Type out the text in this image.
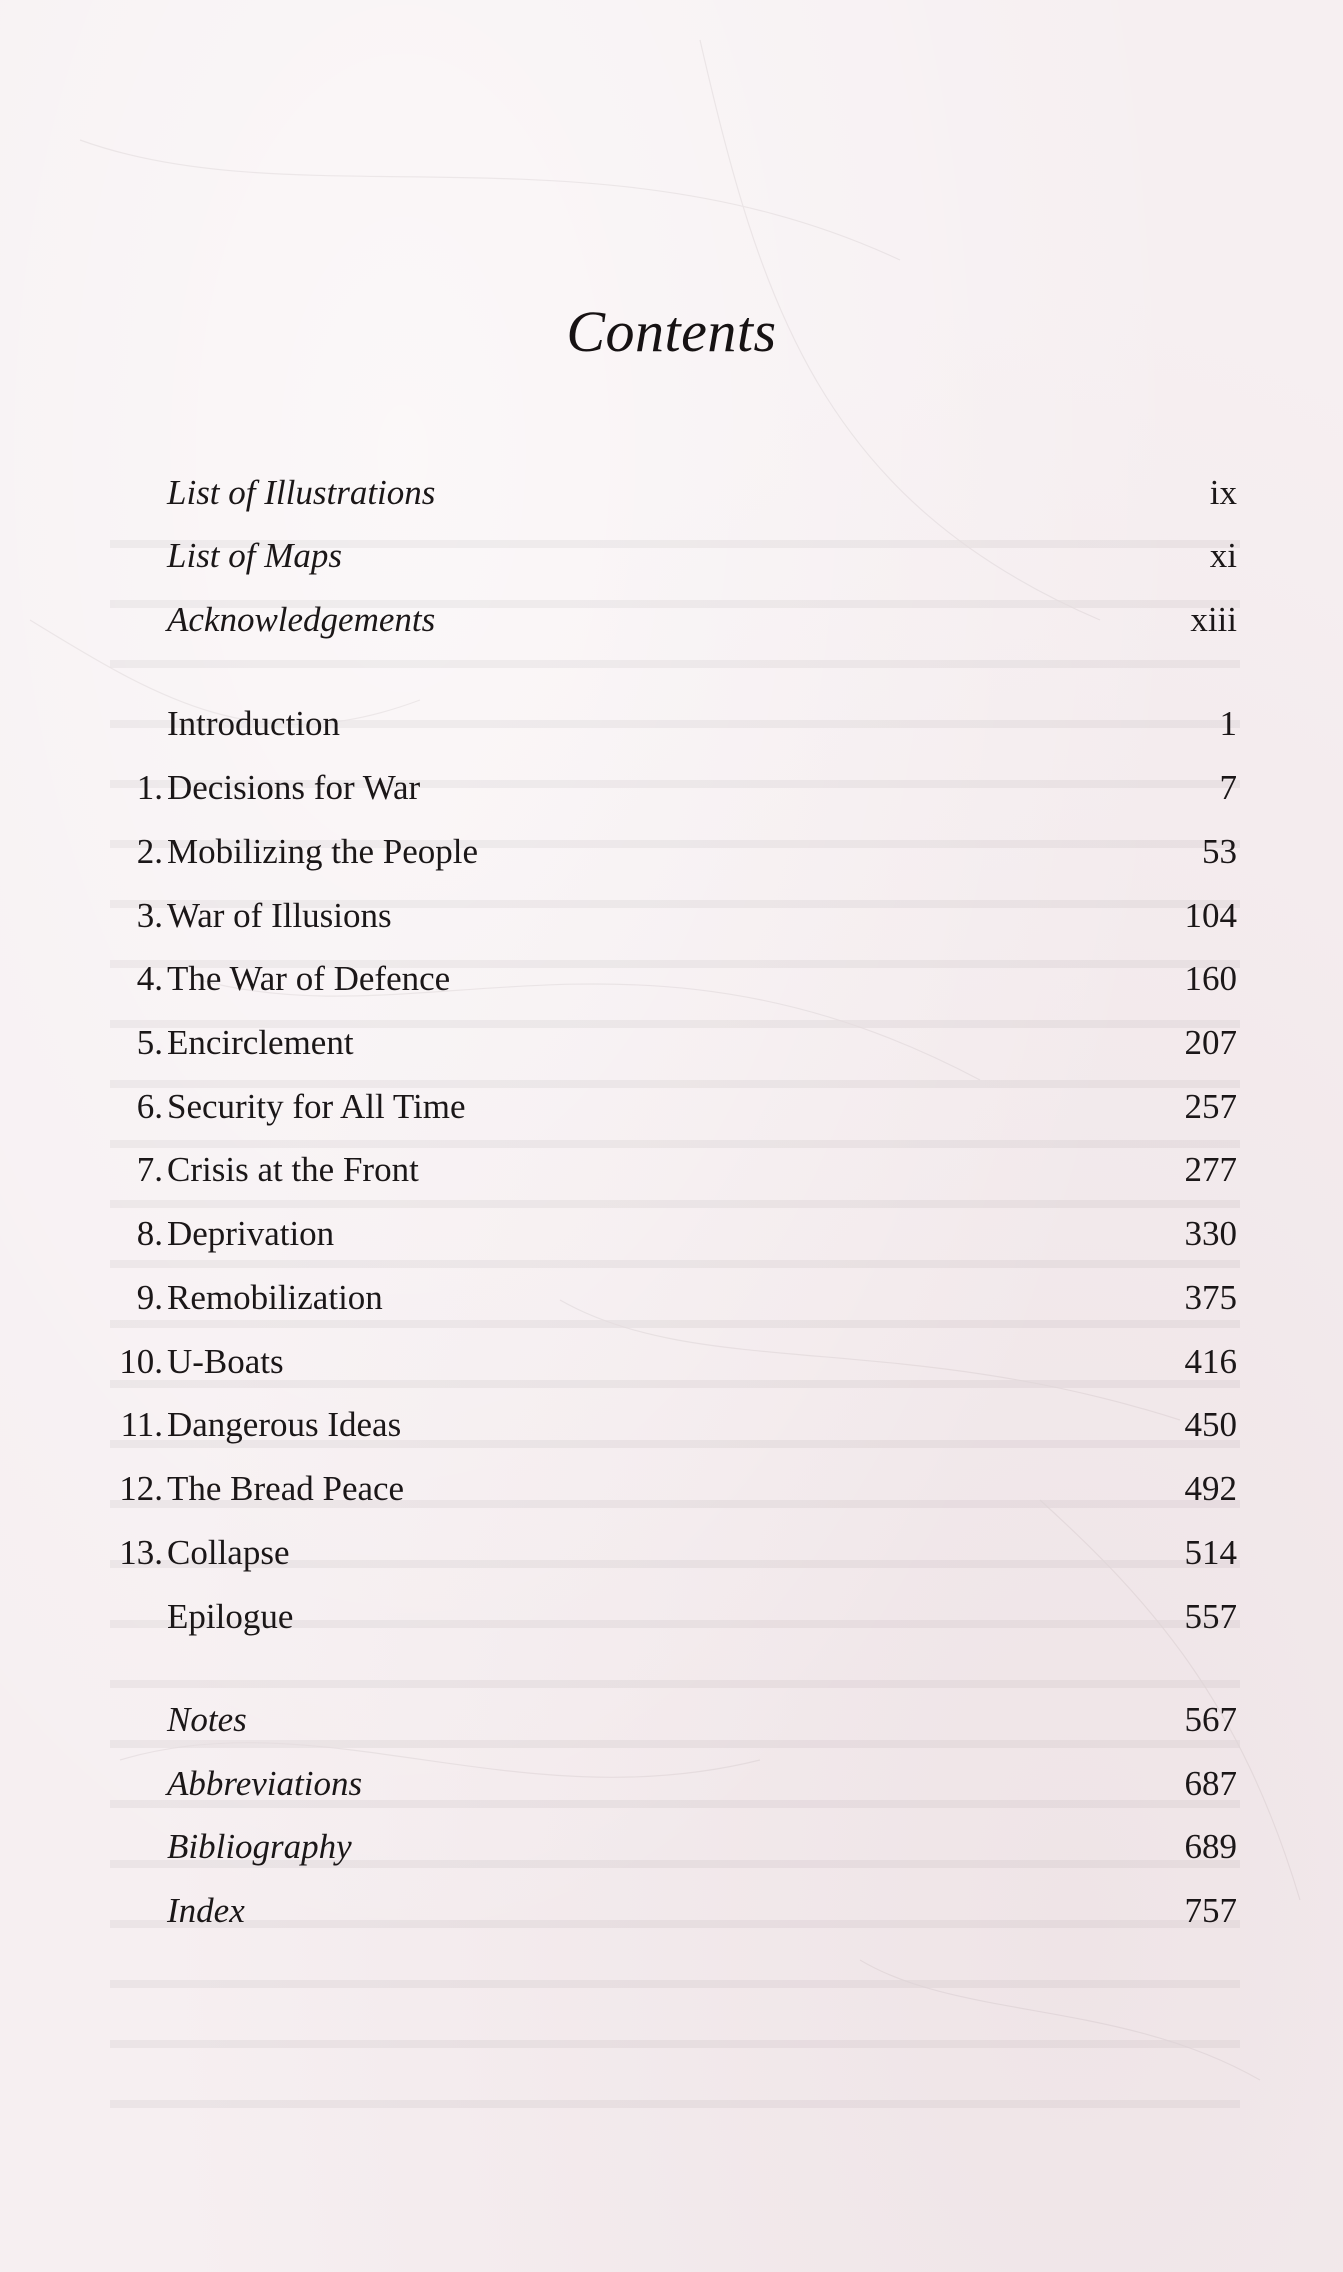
Contents
List of Illustrations	ix
List of Maps	xi
Acknowledgements	xiii
Introduction	1
1. Decisions for War	7
2. Mobilizing the People	53
3. War of Illusions	104
4. The War of Defence	160
5. Encirclement	207
6. Security for All Time	257
7. Crisis at the Front	277
8. Deprivation	330
9. Remobilization	375
10. U-Boats	416
11. Dangerous Ideas	450
12. The Bread Peace	492
13. Collapse	514
Epilogue	557
Notes	567
Abbreviations	687
Bibliography	689
Index	757
